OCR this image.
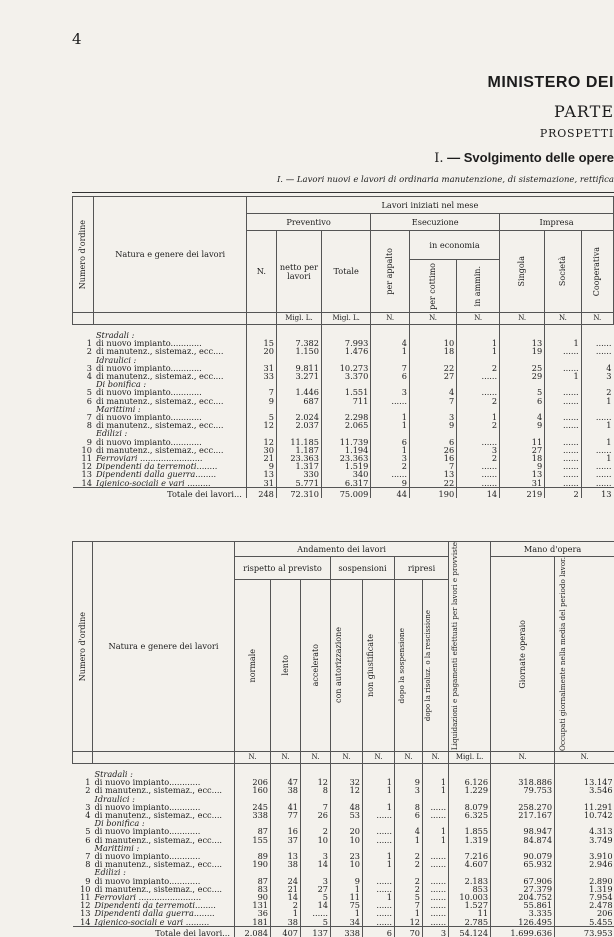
4
MINISTERO DEI
PARTE
PROSPETTI
I. — Svolgimento delle opere
I. — Lavori nuovi e lavori di ordinaria manutenzione, di sistemazione, rettifica
Numero d'ordine	Natura e genere dei lavori	Lavori iniziati nel mese								
		Preventivo			Esecuzione			Impresa		
		N.	netto per lavori	Totale	per appalto	in economia		Singola	Società	Cooperativa

						per cottimo	in ammin.			

			Migl. L.	Migl. L.	N.	N.	N.	N.	N.	N.

	Stradali :									
1	di nuovo impianto............	15	7.382	7.993	4	10	1	13	1	......
2	di manutenz., sistemaz., ecc....	20	1.150	1.476	1	18	1	19	......	......
	Idraulici :									
3	di nuovo impianto............	31	9.811	10.273	7	22	2	25	......	4
4	di manutenz., sistemaz., ecc....	33	3.271	3.370	6	27	......	29	1	3
	Di bonifica :									
5	di nuovo impianto............	7	1.446	1.551	3	4	......	5	......	2
6	di manutenz., sistemaz., ecc....	9	687	711	......	7	2	6	......	1
	Marittimi :									
7	di nuovo impianto............	5	2.024	2.298	1	3	1	4	......	......
8	di manutenz., sistemaz., ecc....	12	2.037	2.065	1	9	2	9	......	1
	Edilizi :									
9	di nuovo impianto............	12	11.185	11.739	6	6	......	11	......	1
10	di manutenz., sistemaz., ecc....	30	1.187	1.194	1	26	3	27	......	......
11	Ferroviari ........................	21	23.363	23.363	3	16	2	18	......	1
12	Dipendenti da terremoti........	9	1.317	1.519	2	7	......	9	......	......
13	Dipendenti dalla guerra........	13	330	340	......	13	......	13	......	......
14	Igienico-sociali e vari .........	31	5.771	6.317	9	22	......	31	......	......
Totale dei lavori...		248	72.310	75.009	44	190	14	219	2	13
Numero d'ordine	Natura e genere dei lavori	Andamento dei lavori							Liquidazioni e pagamenti effettuati per lavori e provviste	Mano d'opera	
		rispetto al previsto			sospensioni		ripresi			Giornate operaio	Occupati giornalmente nella media del periodo lavor.

		normale	lento	accelerato	con autorizzazione	non giustificate	dopo la sospensione	dopo la risoluz. o la rescissione			

		N.	N.	N.	N.	N.	N.	N.	Migl. L.	N.	N.

	Stradali :										
1	di nuovo impianto............	206	47	12	32	1	9	1	6.126	318.886	13.147
2	di manutenz., sistemaz., ecc....	160	38	8	12	1	3	1	1.229	79.753	3.546
	Idraulici :										
3	di nuovo impianto............	245	41	7	48	1	8	......	8.079	258.270	11.291
4	di manutenz., sistemaz., ecc....	338	77	26	53	......	6	......	6.325	217.167	10.742
	Di bonifica :										
5	di nuovo impianto............	87	16	2	20	......	4	1	1.855	98.947	4.313
6	di manutenz., sistemaz., ecc....	155	37	10	10	......	1	1	1.319	84.874	3.749
	Marittimi :										
7	di nuovo impianto............	89	13	3	23	1	2	......	7.216	90.079	3.910
8	di manutenz., sistemaz., ecc....	190	38	14	10	1	2	......	4.607	65.932	2.946
	Edilizi :										
9	di nuovo impianto............	87	24	3	9	......	2	......	2.183	67.906	2.890
10	di manutenz., sistemaz., ecc....	83	21	27	1	......	2	......	853	27.379	1.319
11	Ferroviari ........................	90	14	5	11	1	5	......	10.003	204.752	7.954
12	Dipendenti da terremoti........	131	2	14	75	......	7	......	1.527	55.861	2.478
13	Dipendenti dalla guerra........	36	1	......	1	......	1	......	11	3.335	206
14	Igienico-sociali e vari .........	181	38	5	34	......	12	......	2.785	126.495	5.455
Totale dei lavori...		2.084	407	137	338	6	70	3	54.124	1.699.636	73.953
